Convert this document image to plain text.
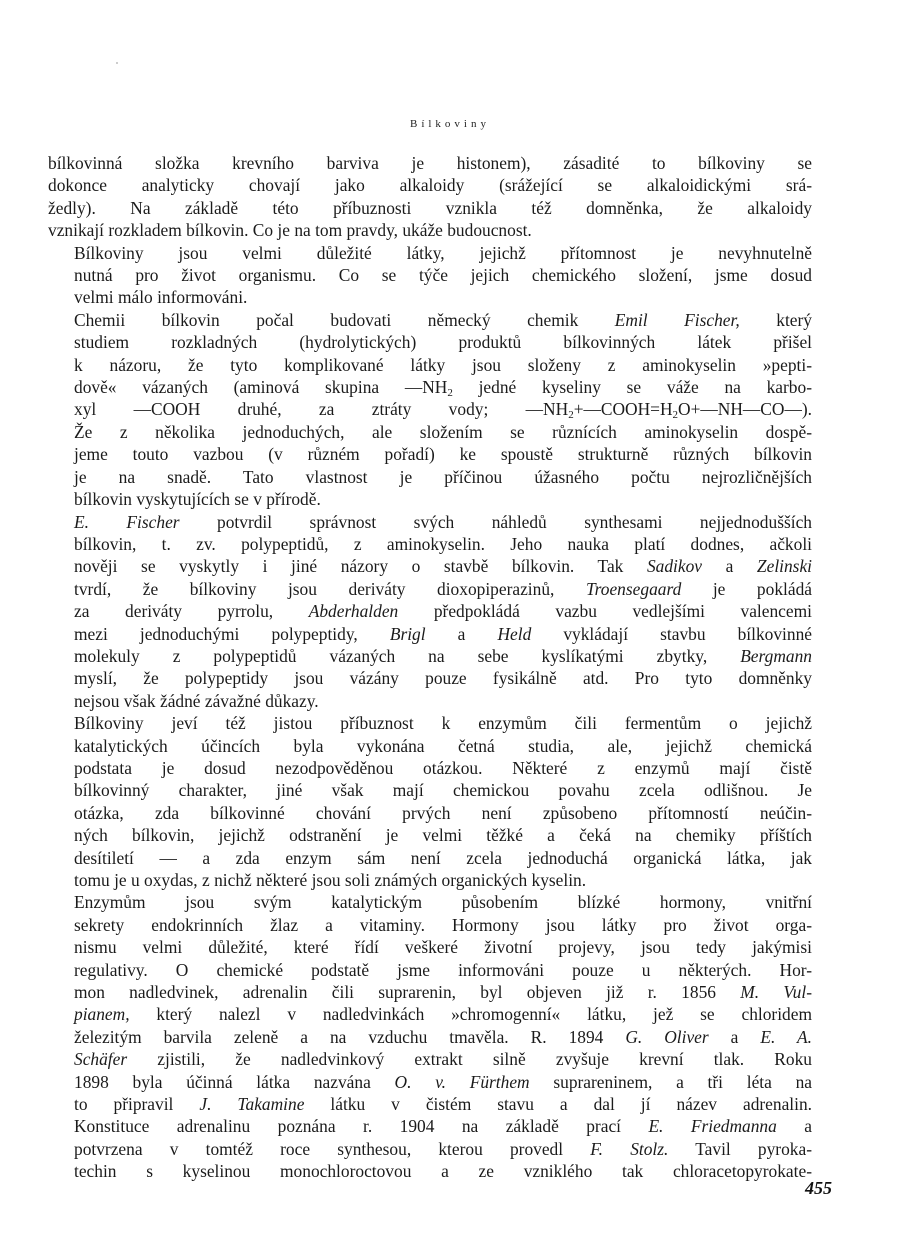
Bílkoviny

bílkovinná složka krevního barviva je histonem), zásadité to bílkoviny se
dokonce analyticky chovají jako alkaloidy (srážející se alkaloidickými srá-
žedly). Na základě této příbuznosti vznikla též domněnka, že alkaloidy
vznikají rozkladem bílkovin. Co je na tom pravdy, ukáže budoucnost.

Bílkoviny jsou velmi důležité látky, jejichž přítomnost je nevyhnutelně
nutná pro život organismu. Co se týče jejich chemického složení, jsme dosud
velmi málo informováni.

Chemii bílkovin počal budovati německý chemik Emil Fischer, který
studiem rozkladných (hydrolytických) produktů bílkovinných látek přišel
k názoru, že tyto komplikované látky jsou složeny z aminokyselin »pepti-
dově« vázaných (aminová skupina $—NH_2$ jedné kyseliny se váže na karbo-
xyl —COOH druhé, za ztráty vody; $—NH_2+—COOH=H_2O+—NH—CO—$).
Že z několika jednoduchých, ale složením se různících aminokyselin dospě-
jeme touto vazbou (v různém pořadí) ke spoustě strukturně různých bílkovin
je na snadě. Tato vlastnost je příčinou úžasného počtu nejrozličnějších
bílkovin vyskytujících se v přírodě.

E. Fischer potvrdil správnost svých náhledů synthesami nejjednodušších
bílkovin, t. zv. polypeptidů, z aminokyselin. Jeho nauka platí dodnes, ačkoli
nověji se vyskytly i jiné názory o stavbě bílkovin. Tak Sadikov a Zelinski
tvrdí, že bílkoviny jsou deriváty dioxopiperazinů, Troensegaard je pokládá
za deriváty pyrrolu, Abderhalden předpokládá vazbu vedlejšími valencemi
mezi jednoduchými polypeptidy, Brigl a Held vykládají stavbu bílkovinné
molekuly z polypeptidů vázaných na sebe kyslíkatými zbytky, Bergmann
myslí, že polypeptidy jsou vázány pouze fysikálně atd. Pro tyto domněnky
nejsou však žádné závažné důkazy.

Bílkoviny jeví též jistou příbuznost k enzymům čili fermentům o jejichž
katalytických účincích byla vykonána četná studia, ale, jejichž chemická
podstata je dosud nezodpověděnou otázkou. Některé z enzymů mají čistě
bílkovinný charakter, jiné však mají chemickou povahu zcela odlišnou. Je
otázka, zda bílkovinné chování prvých není způsobeno přítomností neúčin-
ných bílkovin, jejichž odstranění je velmi těžké a čeká na chemiky příštích
desítiletí — a zda enzym sám není zcela jednoduchá organická látka, jak
tomu je u oxydas, z nichž některé jsou soli známých organických kyselin.

Enzymům jsou svým katalytickým působením blízké hormony, vnitřní
sekrety endokrinních žlaz a vitaminy. Hormony jsou látky pro život orga-
nismu velmi důležité, které řídí veškeré životní projevy, jsou tedy jakýmisi
regulativy. O chemické podstatě jsme informováni pouze u některých. Hor-
mon nadledvinek, adrenalin čili suprarenin, byl objeven již r. 1856 M. Vul-
pianem, který nalezl v nadledvinkách »chromogenní« látku, jež se chloridem
železitým barvila zeleně a na vzduchu tmavěla. R. 1894 G. Oliver a E. A.
Schäfer zjistili, že nadledvinkový extrakt silně zvyšuje krevní tlak. Roku
1898 byla účinná látka nazvána O. v. Fürthem suprareninem, a tři léta na
to připravil J. Takamine látku v čistém stavu a dal jí název adrenalin.
Konstituce adrenalinu poznána r. 1904 na základě prací E. Friedmanna a
potvrzena v tomtéž roce synthesou, kterou provedl F. Stolz. Tavil pyroka-
techin s kyselinou monochloroctovou a ze vzniklého tak chloracetopyrokate-

455
